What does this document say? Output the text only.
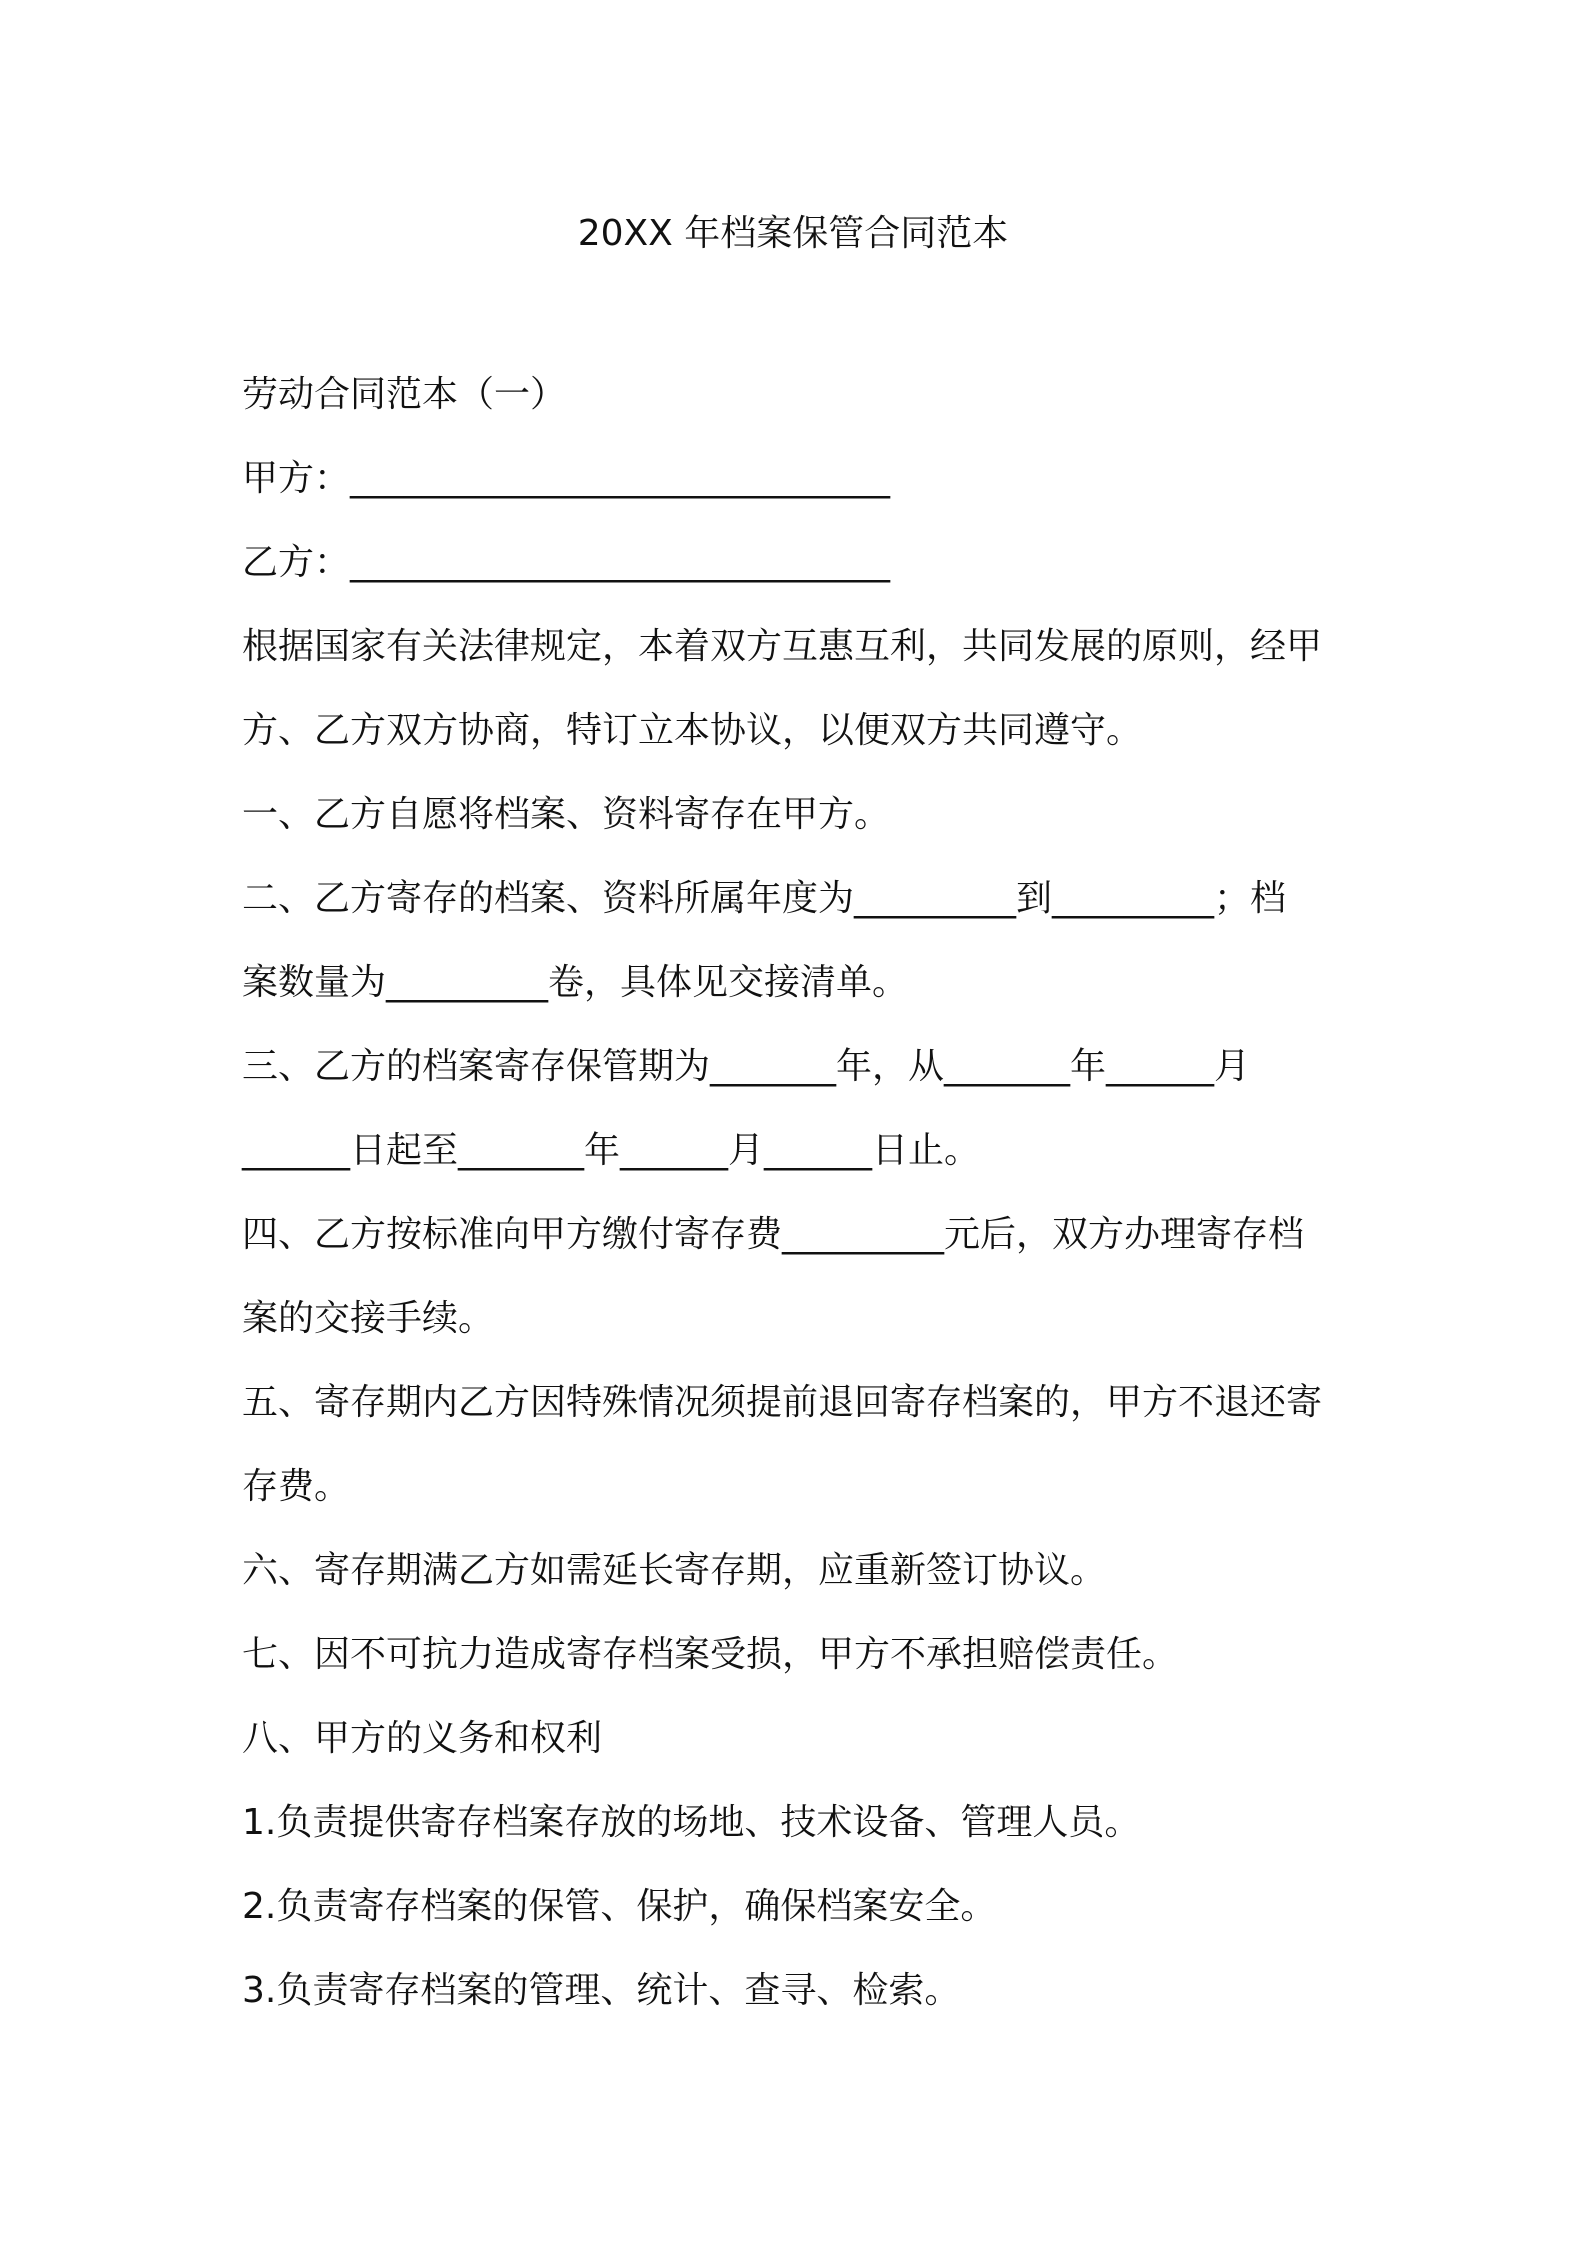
20XX 年档案保管合同范本
劳动合同范本（一）
甲方：______________________________
乙方：______________________________
根据国家有关法律规定，本着双方互惠互利，共同发展的原则，经甲
方、乙方双方协商，特订立本协议，以便双方共同遵守。
一、乙方自愿将档案、资料寄存在甲方。
二、乙方寄存的档案、资料所属年度为_________到_________；档
案数量为_________卷，具体见交接清单。
三、乙方的档案寄存保管期为_______年，从_______年______月
______日起至_______年______月______日止。
四、乙方按标准向甲方缴付寄存费_________元后，双方办理寄存档
案的交接手续。
五、寄存期内乙方因特殊情况须提前退回寄存档案的，甲方不退还寄
存费。
六、寄存期满乙方如需延长寄存期，应重新签订协议。
七、因不可抗力造成寄存档案受损，甲方不承担赔偿责任。
八、甲方的义务和权利
1.负责提供寄存档案存放的场地、技术设备、管理人员。
2.负责寄存档案的保管、保护，确保档案安全。
3.负责寄存档案的管理、统计、查寻、检索。
